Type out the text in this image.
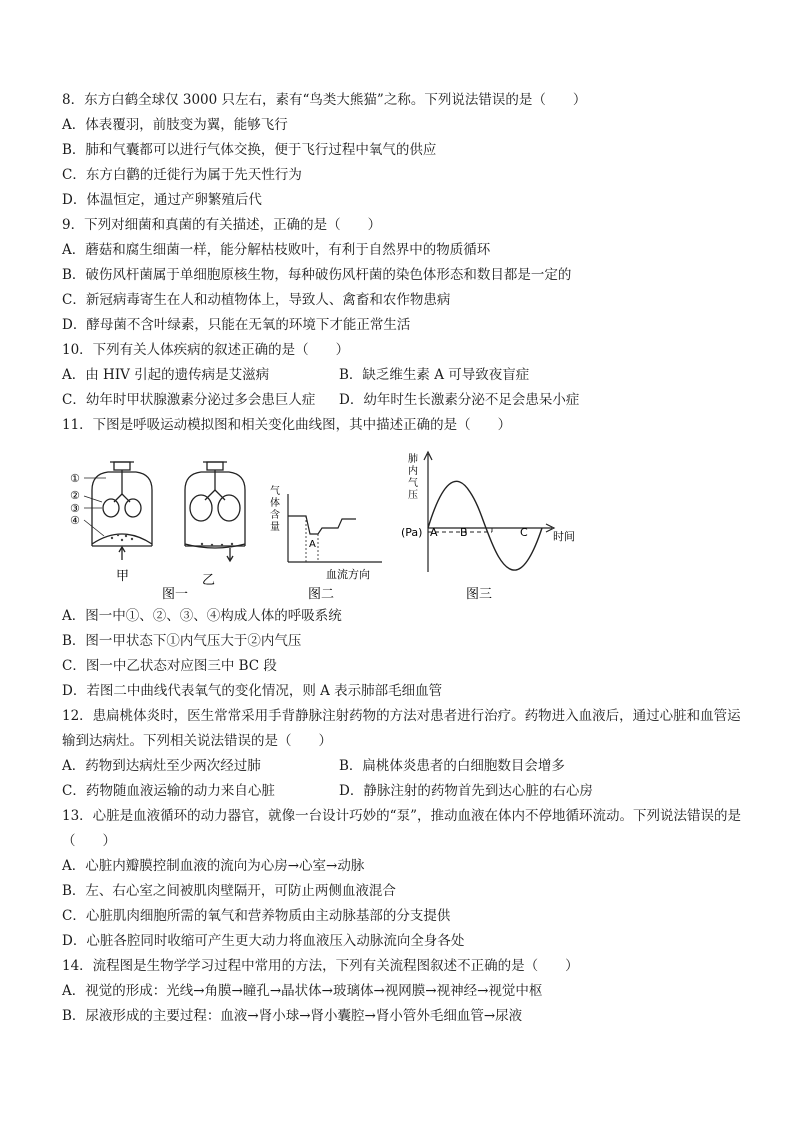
8．东方白鹤全球仅 3000 只左右，素有“鸟类大熊猫”之称。下列说法错误的是（　　）
A．体表覆羽，前肢变为翼，能够飞行
B．肺和气囊都可以进行气体交换，便于飞行过程中氧气的供应
C．东方白鹳的迁徙行为属于先天性行为
D．体温恒定，通过产卵繁殖后代
9．下列对细菌和真菌的有关描述，正确的是（　　）
A．蘑菇和腐生细菌一样，能分解枯枝败叶，有利于自然界中的物质循环
B．破伤风杆菌属于单细胞原核生物，每种破伤风杆菌的染色体形态和数目都是一定的
C．新冠病毒寄生在人和动植物体上，导致人、禽畜和农作物患病
D．酵母菌不含叶绿素，只能在无氧的环境下才能正常生活
10．下列有关人体疾病的叙述正确的是（　　）
A．由 HIV 引起的遗传病是艾滋病	B．缺乏维生素 A 可导致夜盲症
C．幼年时甲状腺激素分泌过多会患巨人症	D．幼年时生长激素分泌不足会患呆小症
11．下图是呼吸运动模拟图和相关变化曲线图，其中描述正确的是（　　）
①
②
③
④
甲	乙
图一
气
体
含
量
A
血流方向
图二
肺
内
气
压
(Pa) A B	C 时间
图三
A．图一中①、②、③、④构成人体的呼吸系统
B．图一甲状态下①内气压大于②内气压
C．图一中乙状态对应图三中 BC 段
D．若图二中曲线代表氧气的变化情况，则 A 表示肺部毛细血管
12．患扁桃体炎时，医生常常采用手背静脉注射药物的方法对患者进行治疗。药物进入血液后，通过心脏和血管运输到达病灶。下列相关说法错误的是（　　）
A．药物到达病灶至少两次经过肺	B．扁桃体炎患者的白细胞数目会增多
C．药物随血液运输的动力来自心脏	D．静脉注射的药物首先到达心脏的右心房
13．心脏是血液循环的动力器官，就像一台设计巧妙的“泵”，推动血液在体内不停地循环流动。下列说法错误的是（　　）
A．心脏内瓣膜控制血液的流向为心房→心室→动脉
B．左、右心室之间被肌肉壁隔开，可防止两侧血液混合
C．心脏肌肉细胞所需的氧气和营养物质由主动脉基部的分支提供
D．心脏各腔同时收缩可产生更大动力将血液压入动脉流向全身各处
14．流程图是生物学学习过程中常用的方法，下列有关流程图叙述不正确的是（　　）
A．视觉的形成：光线→角膜→瞳孔→晶状体→玻璃体→视网膜→视神经→视觉中枢
B．尿液形成的主要过程：血液→肾小球→肾小囊腔→肾小管外毛细血管→尿液
